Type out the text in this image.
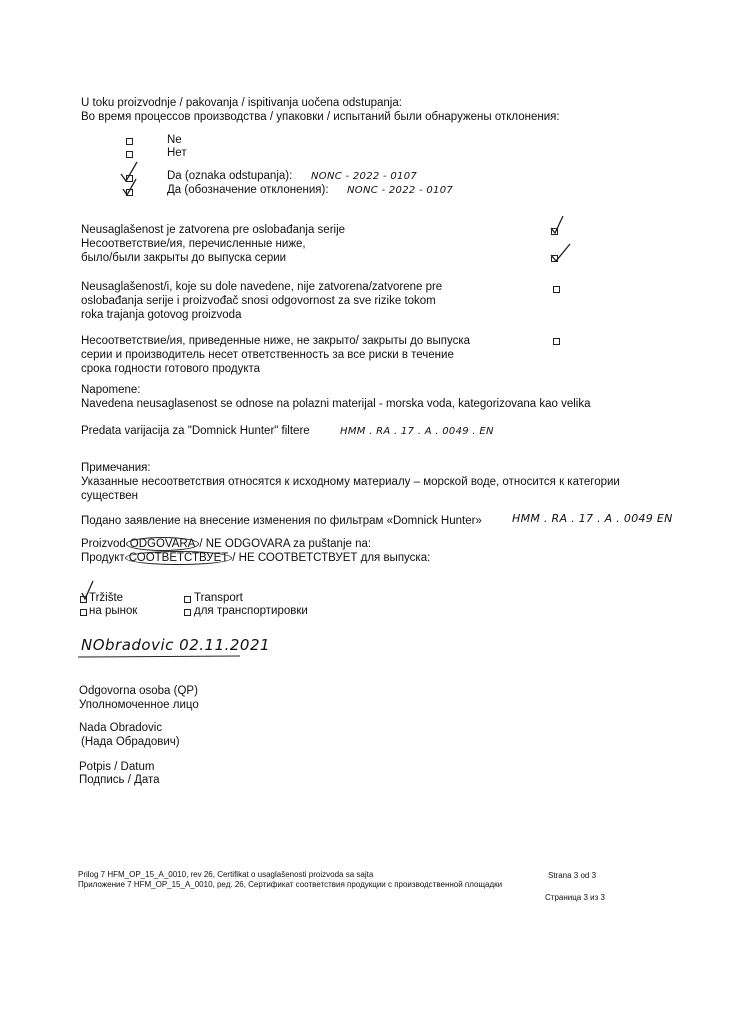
U toku proizvodnje / pakovanja / ispitivanja uočena odstupanja:
Во время процессов производства / упаковки / испытаний были обнаружены отклонения:
Ne
Нет
Da (oznaka odstupanja): NONC - 2022 - 0107
Да (обозначение отклонения): NONC - 2022 - 0107
Neusaglašenost je zatvorena pre oslobađanja serije
Несоответствие/ия, перечисленные ниже,
было/были закрыты до выпуска серии
Neusaglašenost/i, koje su dole navedene, nije zatvorena/zatvorene pre
oslobađanja serije i proizvođač snosi odgovornost za sve rizike tokom
roka trajanja gotovog proizvoda
Несоответствие/ия, приведенные ниже, не закрыто/ закрыты до выпуска
серии и производитель несет ответственность за все риски в течение
срока годности готового продукта
Napomene:
Navedena neusaglasenost se odnose na polazni materijal - morska voda, kategorizovana kao velika
Predata varijacija za "Domnick Hunter" filtere	HMM . RA . 17 . A . 0049 . EN
Примечания:
Указанные несоответствия относятся к исходному материалу – морской воде, относится к категории
существен
Подано заявление на внесение изменения по фильтрам «Domnick Hunter»	HMM . RA . 17 . A . 0049 EN
Proizvod ODGOVARA / NE ODGOVARA za puštanje na:
Продукт СООТВЕТСТВУЕТ / НЕ СООТВЕТСТВУЕТ для выпуска:
Tržište
на рынок
Transport
для транспортировки
NObradovic 02.11.2021
Odgovorna osoba (QP)
Уполномоченное лицо
Nada Obradovic
(Нада Обрадович)
Potpis / Datum
Подпись / Дата
Prilog 7 HFM_OP_15_A_0010, rev 26, Certifikat o usaglašenosti proizvoda sa sajta	Strana 3 od 3
Приложение 7 HFM_OP_15_A_0010, ред. 26, Сертификат соответствия продукции с производственной площадки
Страница 3 из 3
